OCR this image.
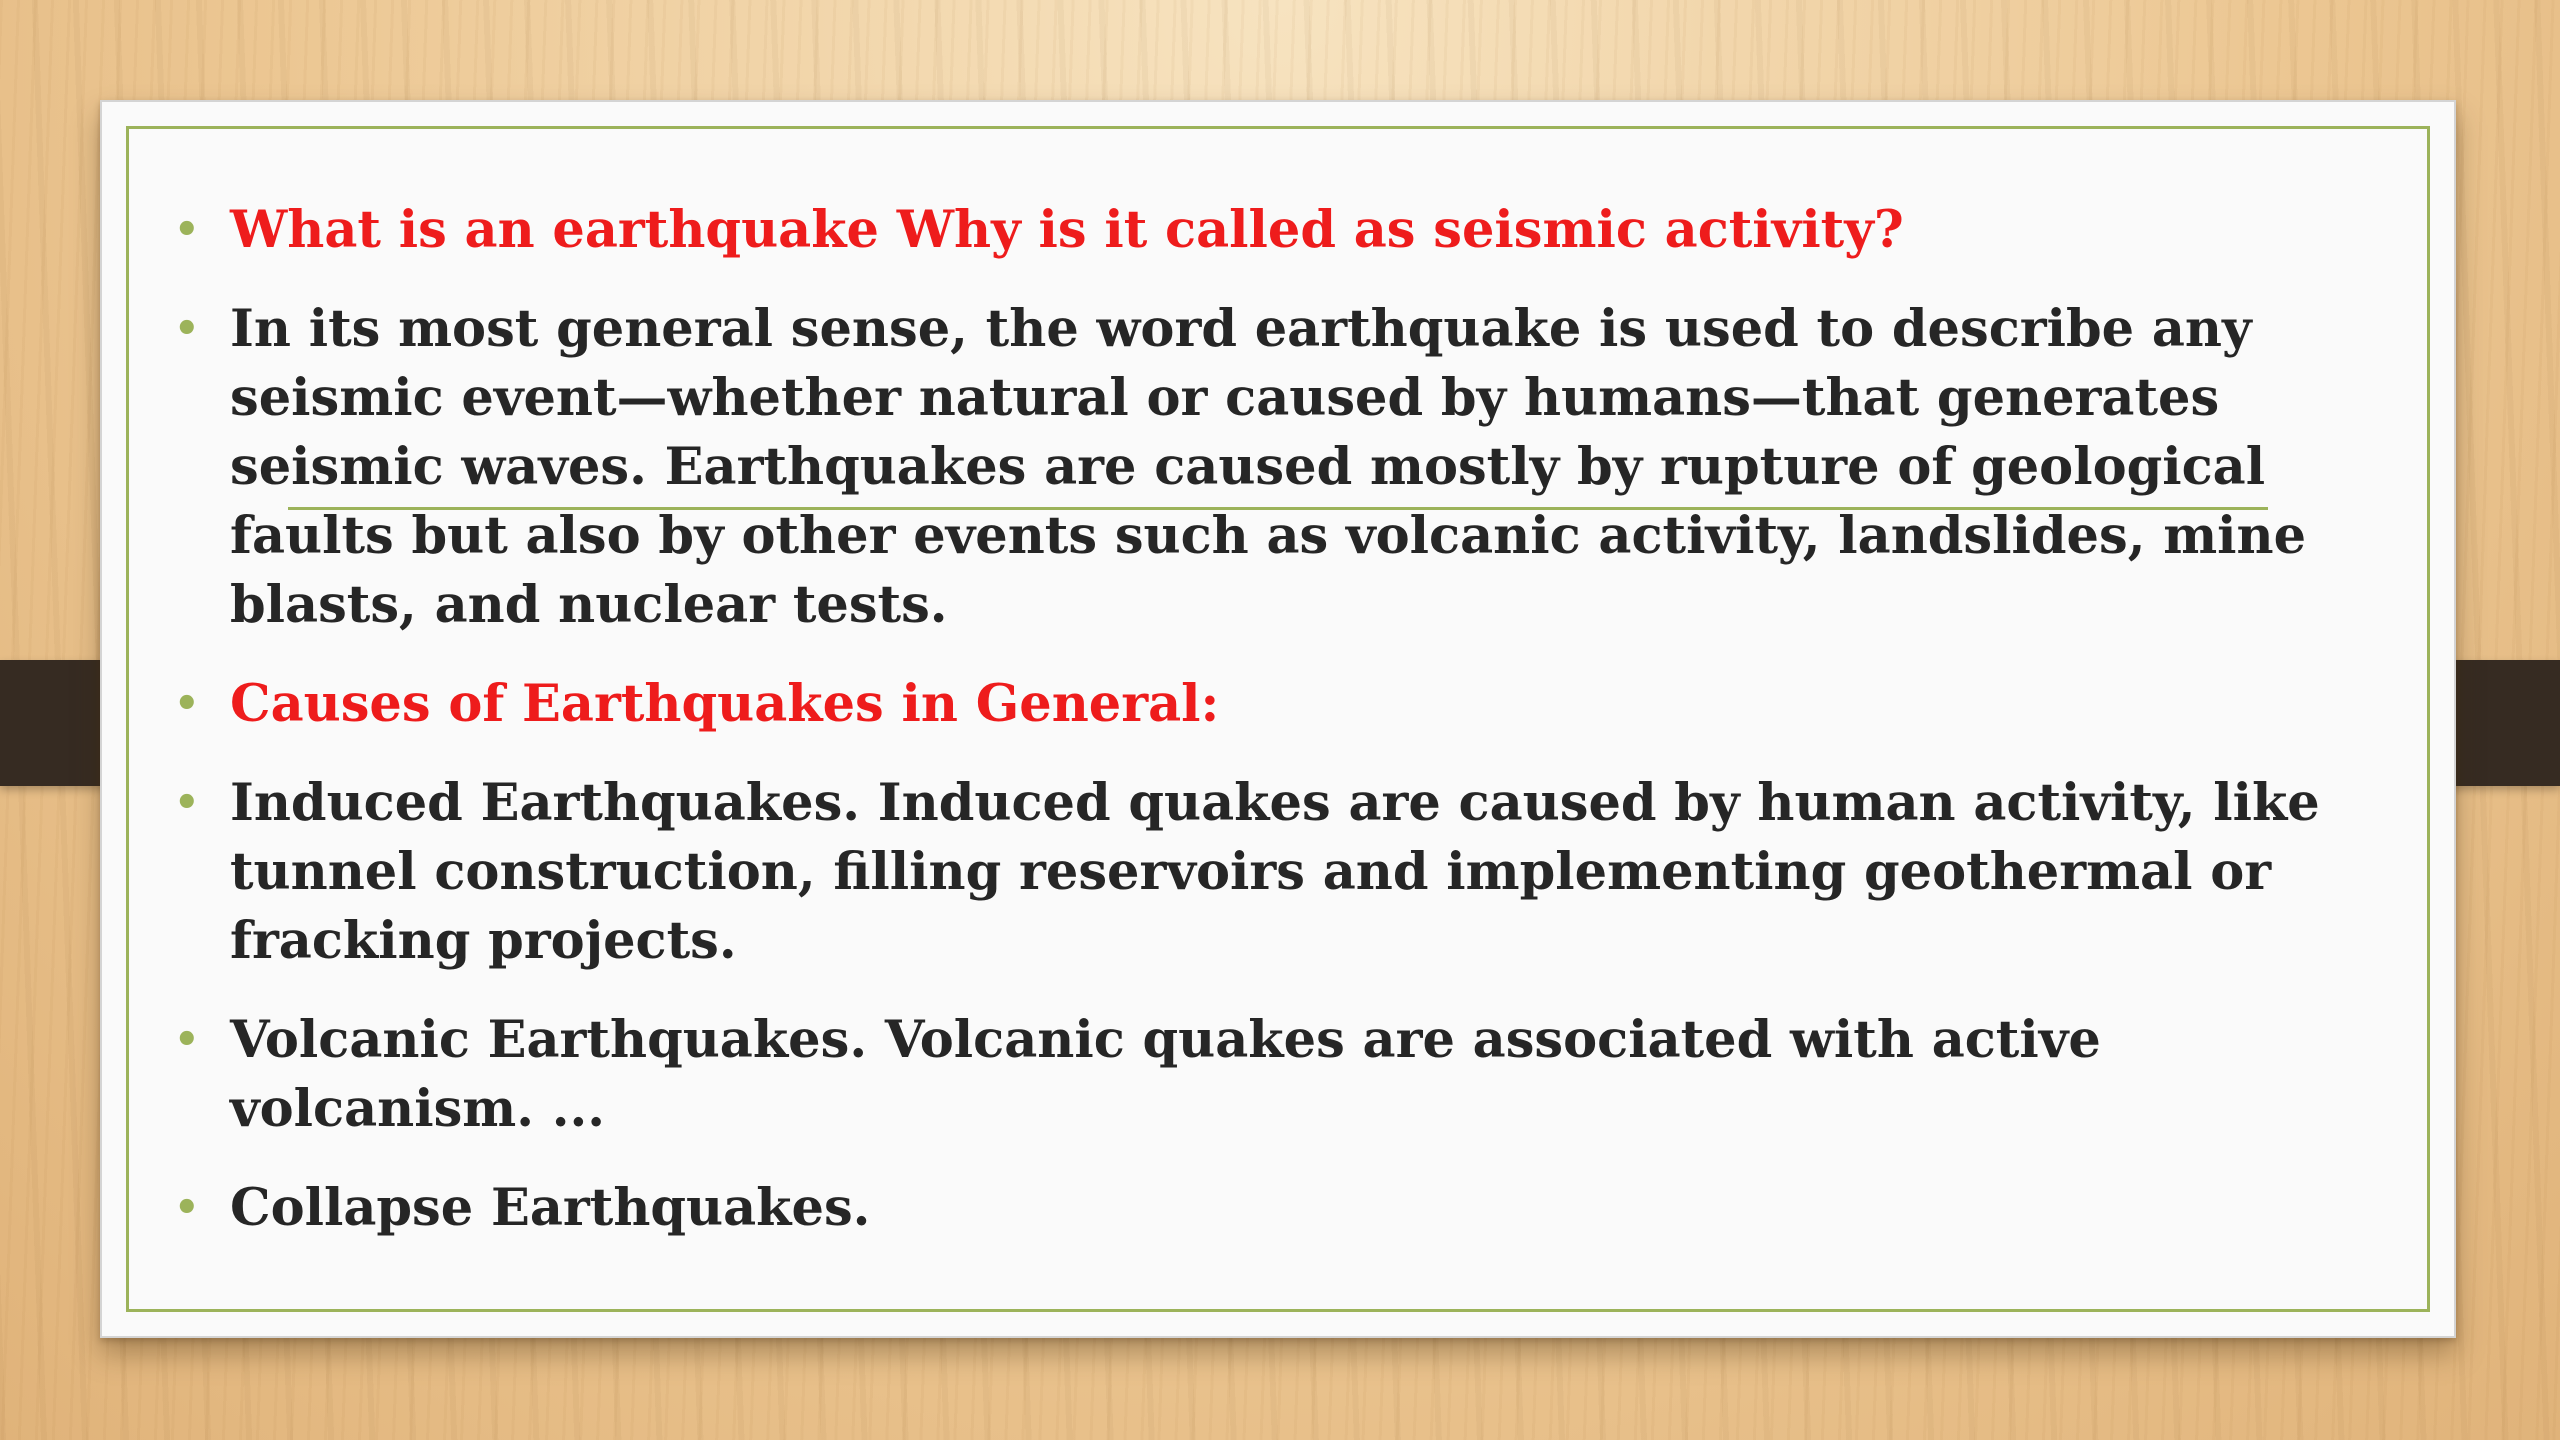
• What is an earthquake Why is it called as seismic activity?
• In its most general sense, the word earthquake is used to describe any seismic event—whether natural or caused by humans—that generates seismic waves. Earthquakes are caused mostly by rupture of geological faults but also by other events such as volcanic activity, landslides, mine blasts, and nuclear tests.
• Causes of Earthquakes in General:
• Induced Earthquakes. Induced quakes are caused by human activity, like tunnel construction, filling reservoirs and implementing geothermal or fracking projects.
• Volcanic Earthquakes. Volcanic quakes are associated with active volcanism. ...
• Collapse Earthquakes.
